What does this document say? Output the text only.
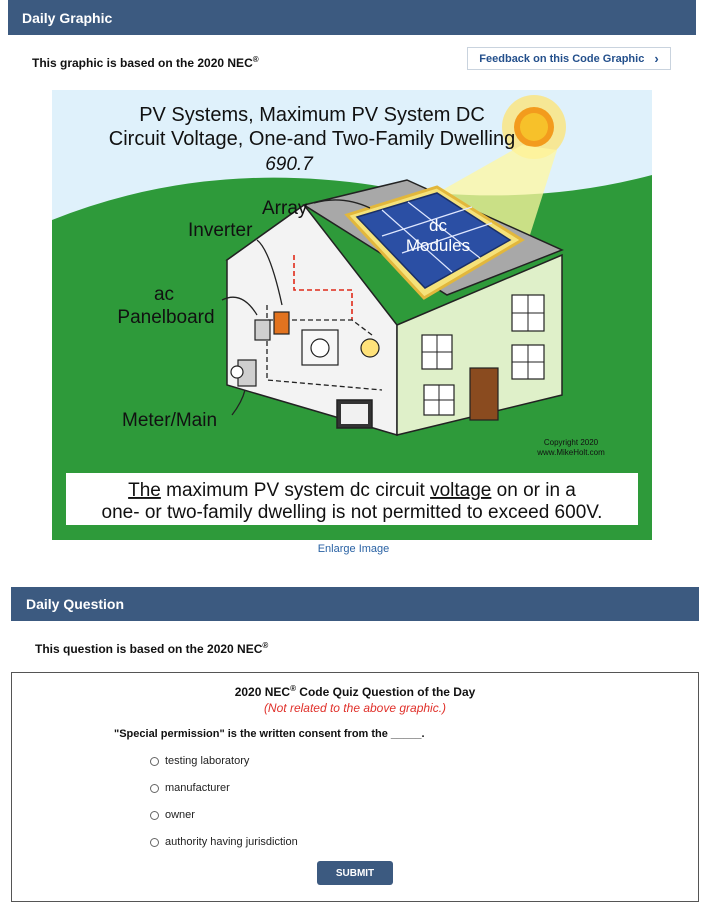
Daily Graphic
This graphic is based on the 2020 NEC®	Feedback on this Code Graphic ›
PV Systems, Maximum PV System DC
Circuit Voltage, One-and Two-Family Dwelling
690.7
Array
Inverter
ac
Panelboard
Meter/Main
dc
Modules
Copyright 2020
www.MikeHolt.com
The maximum PV system dc circuit voltage on or in a
one- or two-family dwelling is not permitted to exceed 600V.
Enlarge Image
Daily Question
This question is based on the 2020 NEC®
2020 NEC® Code Quiz Question of the Day
(Not related to the above graphic.)
"Special permission" is the written consent from the _____.
testing laboratory
manufacturer
owner
authority having jurisdiction
SUBMIT
